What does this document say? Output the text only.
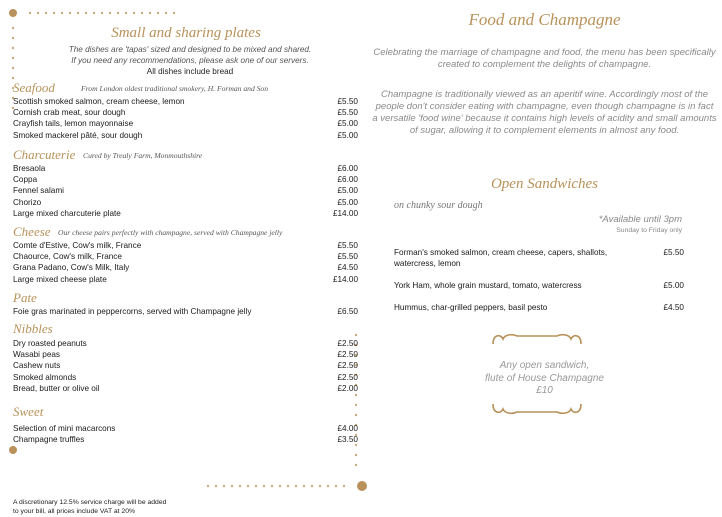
Small and sharing plates
The dishes are 'tapas' sized and designed to be mixed and shared.
If you need any recommendations, please ask one of our servers.
All dishes include bread
Seafood	From London oldest traditional smokery, H. Forman and Son
Scottish smoked salmon, cream cheese, lemon	£5.50
Cornish crab meat, sour dough	£5.50
Crayfish tails, lemon mayonnaise	£5.00
Smoked mackerel pâté, sour dough	£5.00
Charcuterie Cured by Trealy Farm, Monmouthshire
Bresaola	£6.00
Coppa	£6.00
Fennel salami	£5.00
Chorizo	£5.00
Large mixed charcuterie plate	£14.00
Cheese Our cheese pairs perfectly with champagne, served with Champagne jelly
Comte d'Estive, Cow's milk, France	£5.50
Chaource, Cow's milk, France	£5.50
Grana Padano, Cow's Milk, Italy	£4.50
Large mixed cheese plate	£14.00
Pate
Foie gras marinated in peppercorns, served with Champagne jelly	£6.50
Nibbles
Dry roasted peanuts	£2.50
Wasabi peas	£2.50
Cashew nuts	£2.50
Smoked almonds	£2.50
Bread, butter or olive oil	£2.00
Sweet
Selection of mini macarcons	£4.00
Champagne truffles	£3.50
A discretionary 12.5% service charge will be added
to your bill, all prices include VAT at 20%
Food and Champagne
Celebrating the marriage of champagne and food, the menu has been specifically created to complement the delights of champagne.
Champagne is traditionally viewed as an aperitif wine. Accordingly most of the people don't consider eating with champagne, even though champagne is in fact a versatile 'food wine' because it contains high levels of acidity and small amounts of sugar, allowing it to complement elements in almost any food.
Open Sandwiches
on chunky sour dough
*Available until 3pm
Sunday to Friday only
Forman's smoked salmon, cream cheese, capers, shallots, watercress, lemon
£5.50
York Ham, whole grain mustard, tomato, watercress	£5.00
Hummus, char-grilled peppers, basil pesto	£4.50
Any open sandwich,
flute of House Champagne
£10
